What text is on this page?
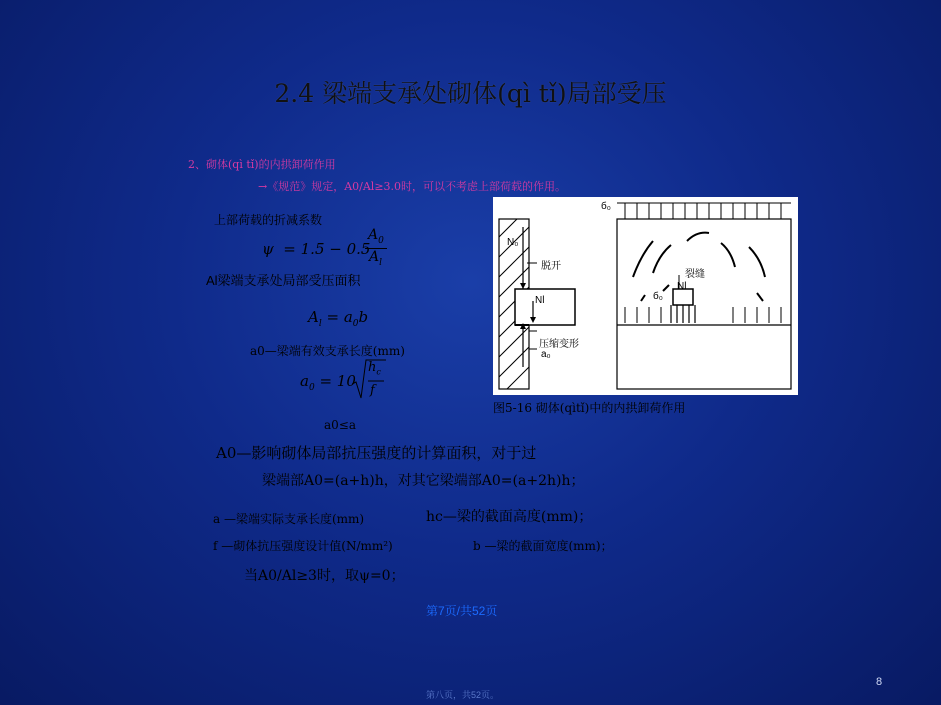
2.4 梁端支承处砌体(qì tǐ)局部受压
2、砌体(qì tǐ)的内拱卸荷作用
→《规范》规定，A0/Al≥3.0时，可以不考虑上部荷载的作用。
上部荷载的折减系数
ψ  = 1.5 − 0.5
$A_0$
$A_l$
Al梁端支承处局部受压面积
$A_l = a_0b$
a0—梁端有效支承长度(mm)
$a_0 = 10$
$h_c$
f
a0≤a
A0—影响砌体局部抗压强度的计算面积，对于过
梁端部A0=(a+h)h，对其它梁端部A0=(a+2h)h；
a —梁端实际支承长度(mm)	hc—梁的截面高度(mm)；
f —砌体抗压强度设计值(N/mm²)	b —梁的截面宽度(mm)；
当A0/Al≥3时，取ψ=0；
N₀
脱开
Nl
压缩变形
a₀
б₀
裂缝
б₀
Nl
图5-16 砌体(qìtǐ)中的内拱卸荷作用
第7页/共52页
第八页，共52页。
8
